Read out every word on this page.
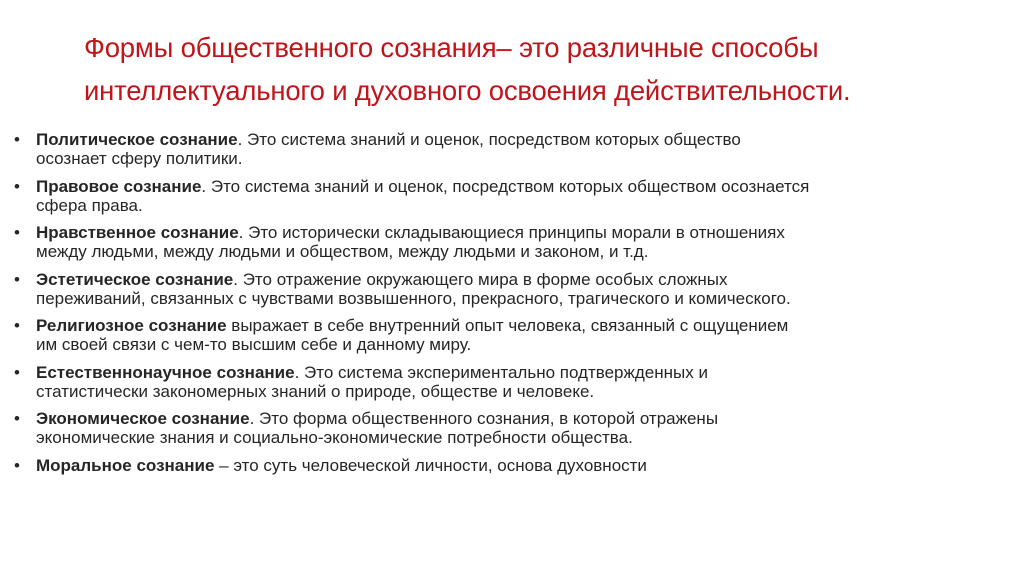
Формы общественного сознания– это различные способы
интеллектуального и духовного освоения действительности.
• Политическое сознание. Это система знаний и оценок, посредством которых общество
осознает сферу политики.
• Правовое сознание. Это система знаний и оценок, посредством которых обществом осознается
сфера права.
• Нравственное сознание. Это исторически складывающиеся принципы морали в отношениях
между людьми, между людьми и обществом, между людьми и законом, и т.д.
• Эстетическое сознание. Это отражение окружающего мира в форме особых сложных
переживаний, связанных с чувствами возвышенного, прекрасного, трагического и комического.
• Религиозное сознание выражает в себе внутренний опыт человека, связанный с ощущением
им своей связи с чем-то высшим себе и данному миру.
• Естественнонаучное сознание. Это система экспериментально подтвержденных и
статистически закономерных знаний о природе, обществе и человеке.
• Экономическое сознание. Это форма общественного сознания, в которой отражены
экономические знания и социально-экономические потребности общества.
• Моральное сознание – это суть человеческой личности, основа духовности
